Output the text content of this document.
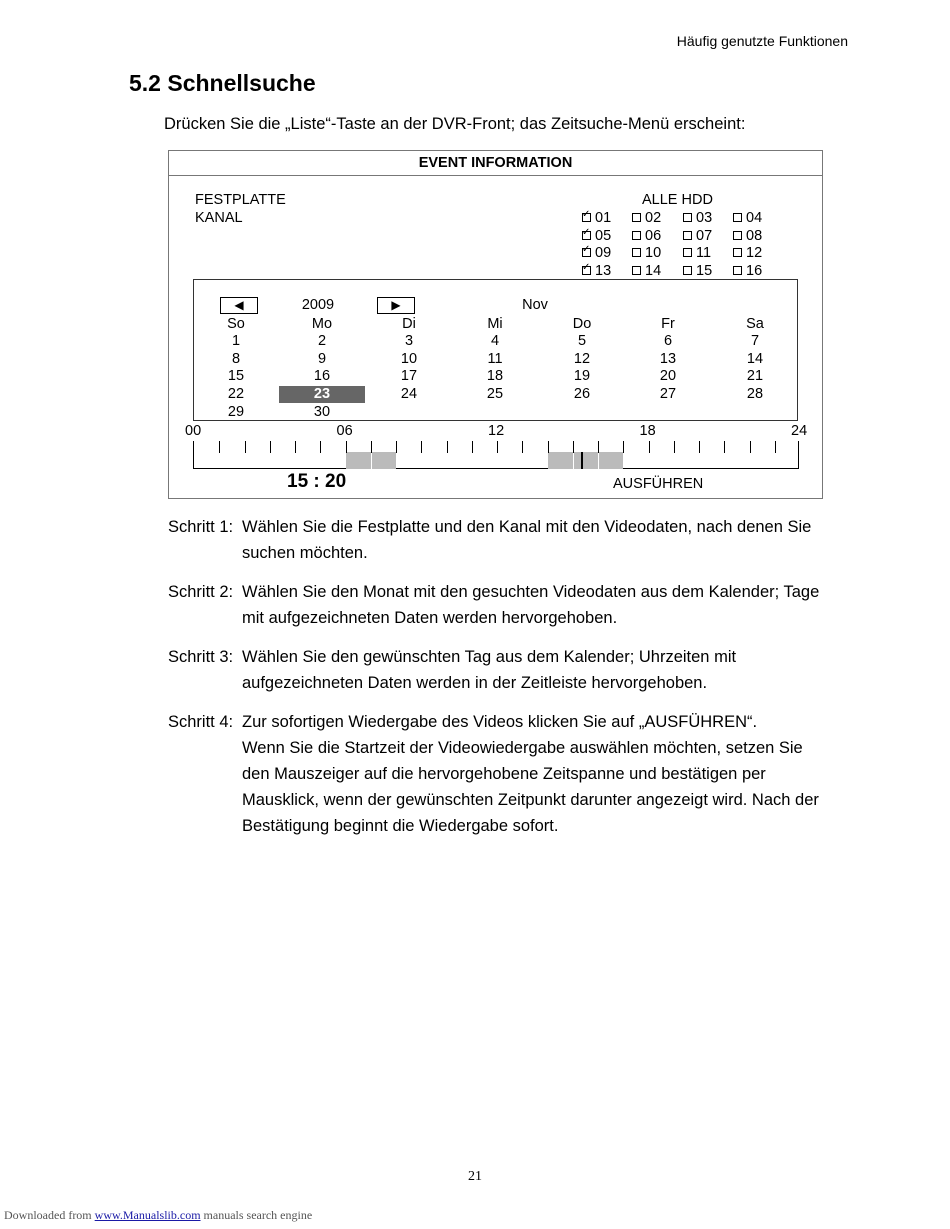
Häufig genutzte Funktionen
5.2 Schnellsuche
Drücken Sie die „Liste“-Taste an der DVR-Front; das Zeitsuche-Menü erscheint:
EVENT INFORMATION
FESTPLATTE	ALLE HDD
KANAL
✓	01	02	03	04
✓05	06	07	08
✓09	10	11	12
✓13	14	15	16
◀	2009	▶	Nov
So	Mo	Di	Mi	Do	Fr	Sa
1	2	3	4	5	6	7
8	9	10	11	12	13	14
15	16	17	18	19	20	21
22	23	24	25	26	27	28
29	30
00	06	12	18	24
15 : 20	AUSFÜHREN
Schritt 1: Wählen Sie die Festplatte und den Kanal mit den Videodaten, nach denen Sie
suchen möchten.
Schritt 2: Wählen Sie den Monat mit den gesuchten Videodaten aus dem Kalender; Tage
mit aufgezeichneten Daten werden hervorgehoben.
Schritt 3: Wählen Sie den gewünschten Tag aus dem Kalender; Uhrzeiten mit
aufgezeichneten Daten werden in der Zeitleiste hervorgehoben.
Schritt 4: Zur sofortigen Wiedergabe des Videos klicken Sie auf „AUSFÜHREN“.
Wenn Sie die Startzeit der Videowiedergabe auswählen möchten, setzen Sie
den Mauszeiger auf die hervorgehobene Zeitspanne und bestätigen per
Mausklick, wenn der gewünschten Zeitpunkt darunter angezeigt wird. Nach der
Bestätigung beginnt die Wiedergabe sofort.
21
Downloaded from www.Manualslib.com manuals search engine
